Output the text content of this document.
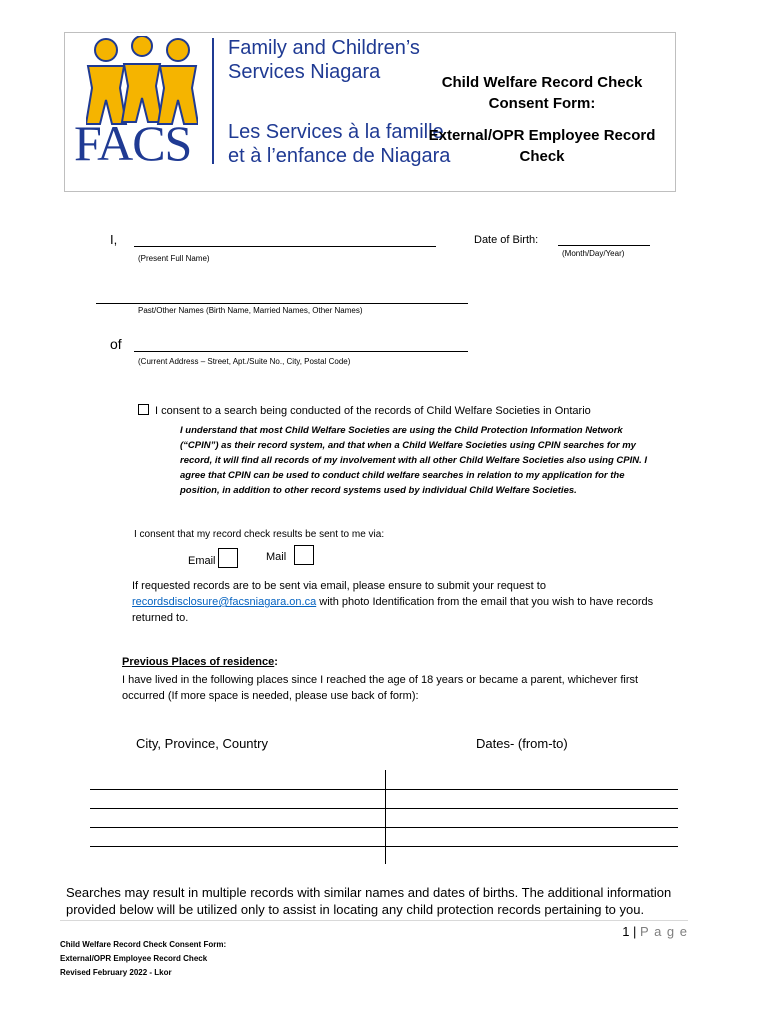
FACS
Family and Children’s
Services Niagara
Les Services à la famille
et à l’enfance de Niagara
Child Welfare Record Check
Consent Form:
External/OPR Employee Record
Check
I,
(Present Full Name)
Date of Birth:
(Month/Day/Year)
Past/Other Names (Birth Name, Married Names, Other Names)
of
(Current Address – Street, Apt./Suite No., City, Postal Code)
I consent to a search being conducted of the records of Child Welfare Societies in Ontario
I understand that most Child Welfare Societies are using the Child Protection Information Network
(“CPIN”) as their record system, and that when a Child Welfare Societies using CPIN searches for my
record, it will find all records of my involvement with all other Child Welfare Societies also using CPIN. I
agree that CPIN can be used to conduct child welfare searches in relation to my application for the
position, in addition to other record systems used by individual Child Welfare Societies.
I consent that my record check results be sent to me via:
Email	Mail
If requested records are to be sent via email, please ensure to submit your request to
recordsdisclosure@facsniagara.on.ca with photo Identification from the email that you wish to have records
returned to.
Previous Places of residence:
I have lived in the following places since I reached the age of 18 years or became a parent, whichever first
occurred (If more space is needed, please use back of form):
City, Province, Country	Dates- (from-to)
Searches may result in multiple records with similar names and dates of births. The additional information
provided below will be utilized only to assist in locating any child protection records pertaining to you.
1 | P a g e
Child Welfare Record Check Consent Form:
External/OPR Employee Record Check
Revised February 2022 - Lkor
